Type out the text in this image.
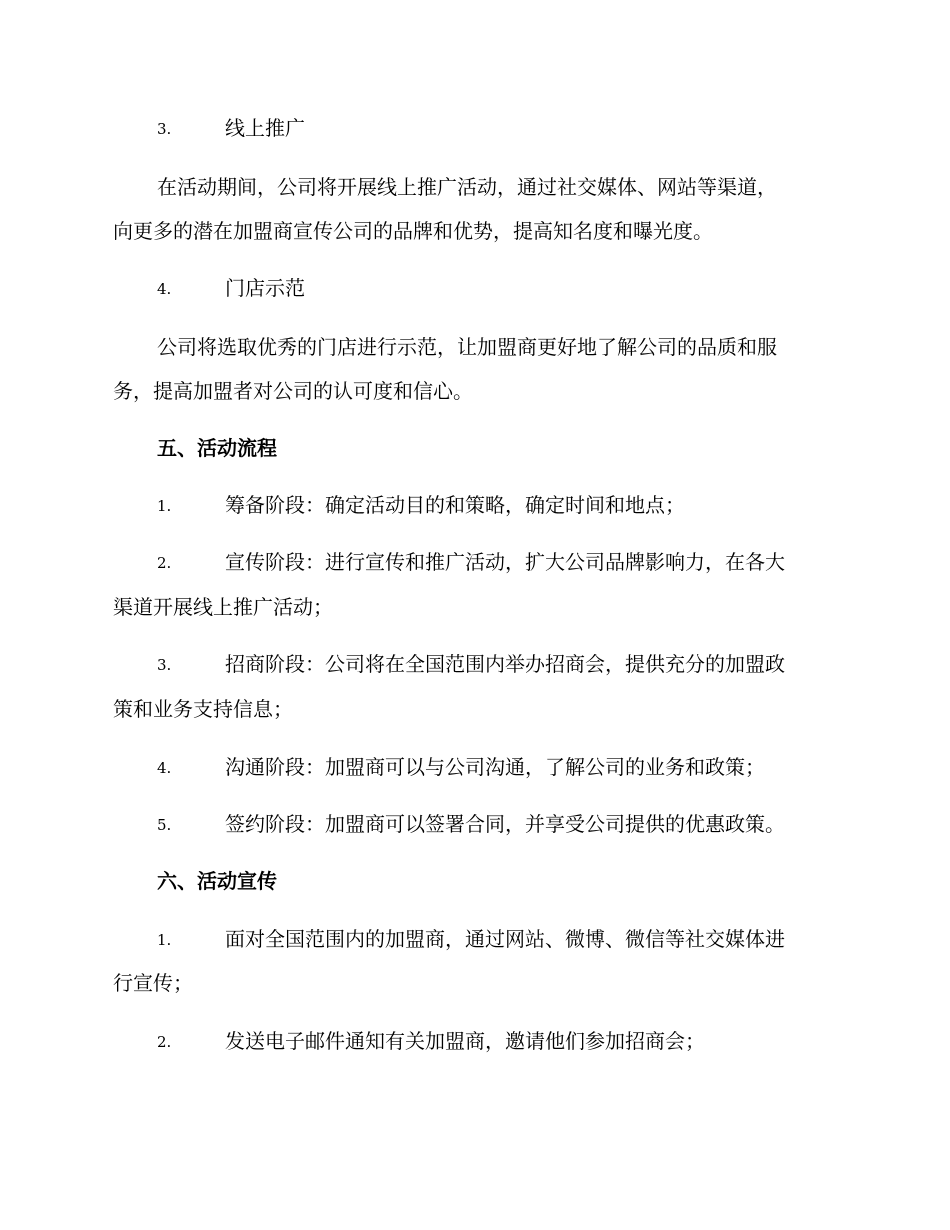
3.	线上推广
在活动期间，公司将开展线上推广活动，通过社交媒体、网站等渠道，
向更多的潜在加盟商宣传公司的品牌和优势，提高知名度和曝光度。
4.	门店示范
公司将选取优秀的门店进行示范，让加盟商更好地了解公司的品质和服
务，提高加盟者对公司的认可度和信心。
五、活动流程
1.	筹备阶段：确定活动目的和策略，确定时间和地点；
2.	宣传阶段：进行宣传和推广活动，扩大公司品牌影响力，在各大
渠道开展线上推广活动；
3.	招商阶段：公司将在全国范围内举办招商会，提供充分的加盟政
策和业务支持信息；
4.	沟通阶段：加盟商可以与公司沟通，了解公司的业务和政策；
5.	签约阶段：加盟商可以签署合同，并享受公司提供的优惠政策。
六、活动宣传
1.	面对全国范围内的加盟商，通过网站、微博、微信等社交媒体进
行宣传；
2.	发送电子邮件通知有关加盟商，邀请他们参加招商会；
